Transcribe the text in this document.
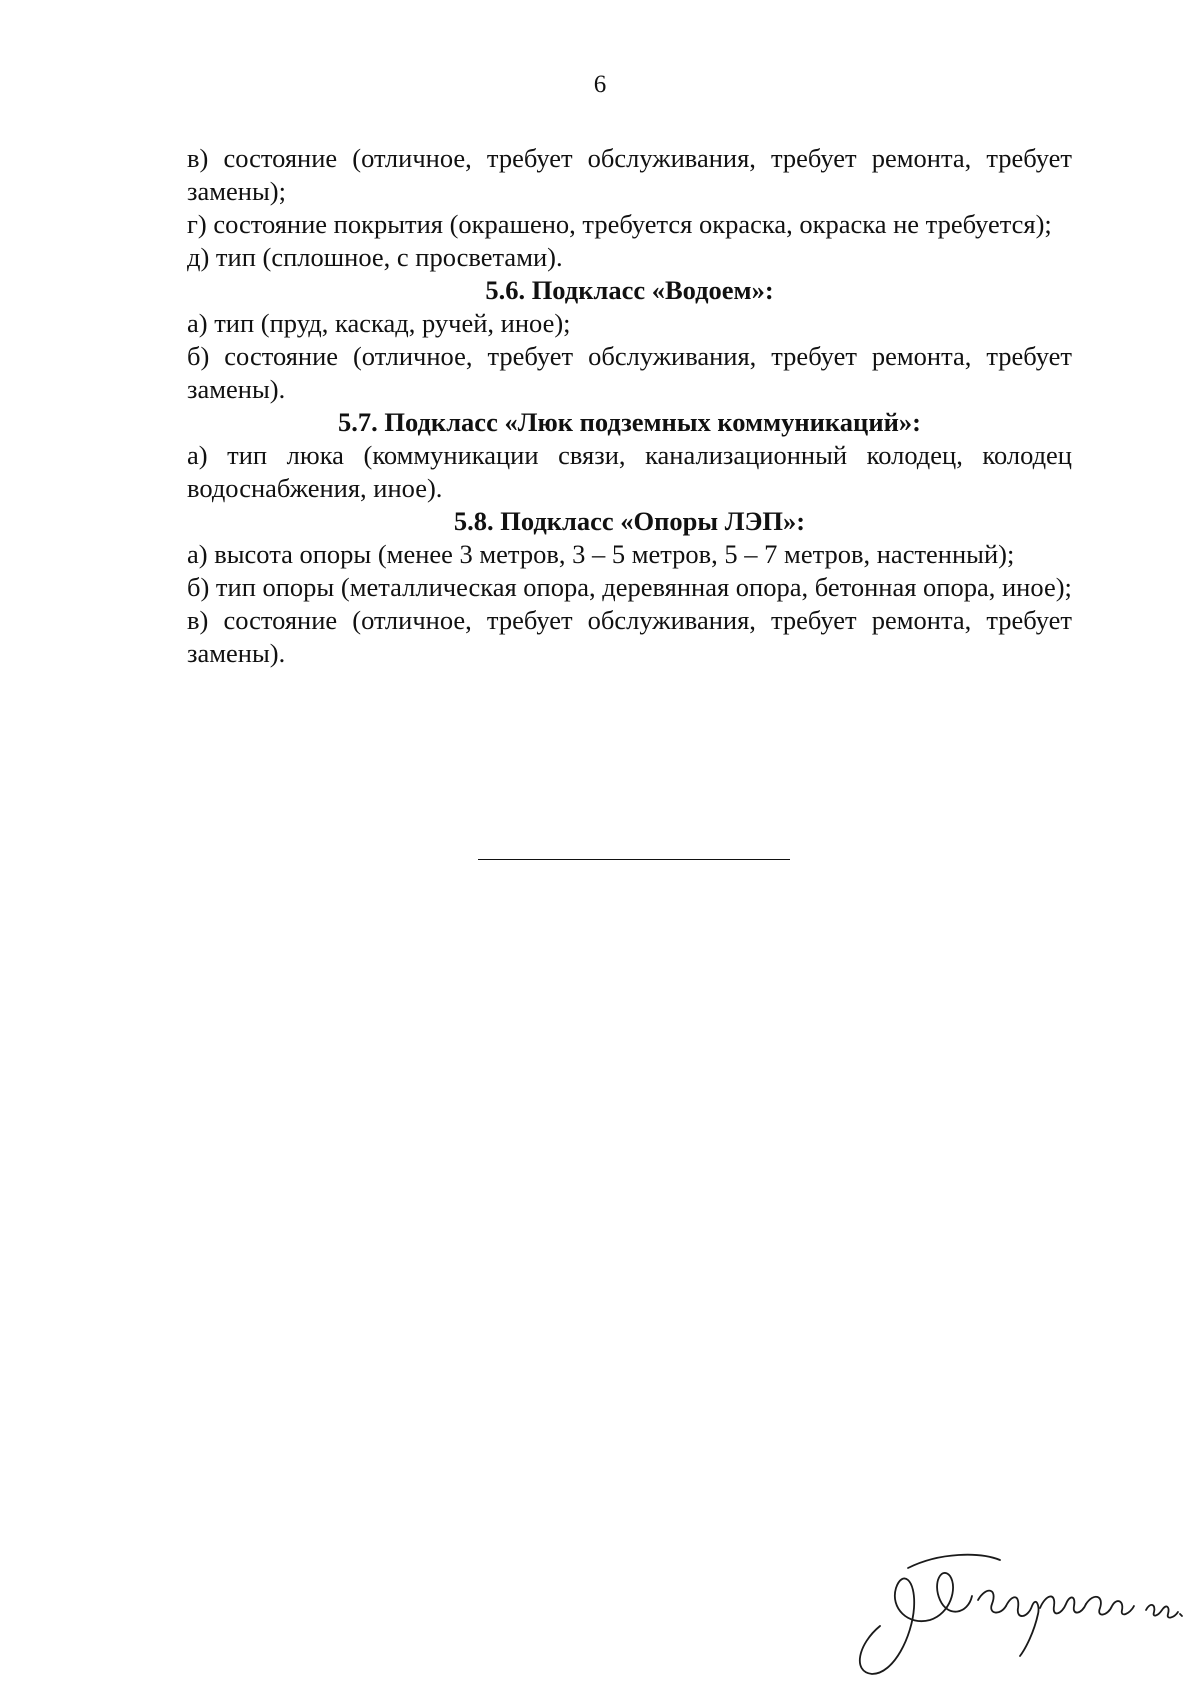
6

в) состояние (отличное, требует обслуживания, требует ремонта, требует замены);

г) состояние покрытия (окрашено, требуется окраска, окраска не требуется);

д) тип (сплошное, с просветами).

5.6. Подкласс «Водоем»:

а) тип (пруд, каскад, ручей, иное);

б) состояние (отличное, требует обслуживания, требует ремонта, требует замены).

5.7. Подкласс «Люк подземных коммуникаций»:

а) тип люка (коммуникации связи, канализационный колодец, колодец водоснабжения, иное).

5.8. Подкласс «Опоры ЛЭП»:

а) высота опоры (менее 3 метров, 3 – 5 метров, 5 – 7 метров, настенный);

б) тип опоры (металлическая опора, деревянная опора, бетонная опора, иное);

в) состояние (отличное, требует обслуживания, требует ремонта, требует замены).
